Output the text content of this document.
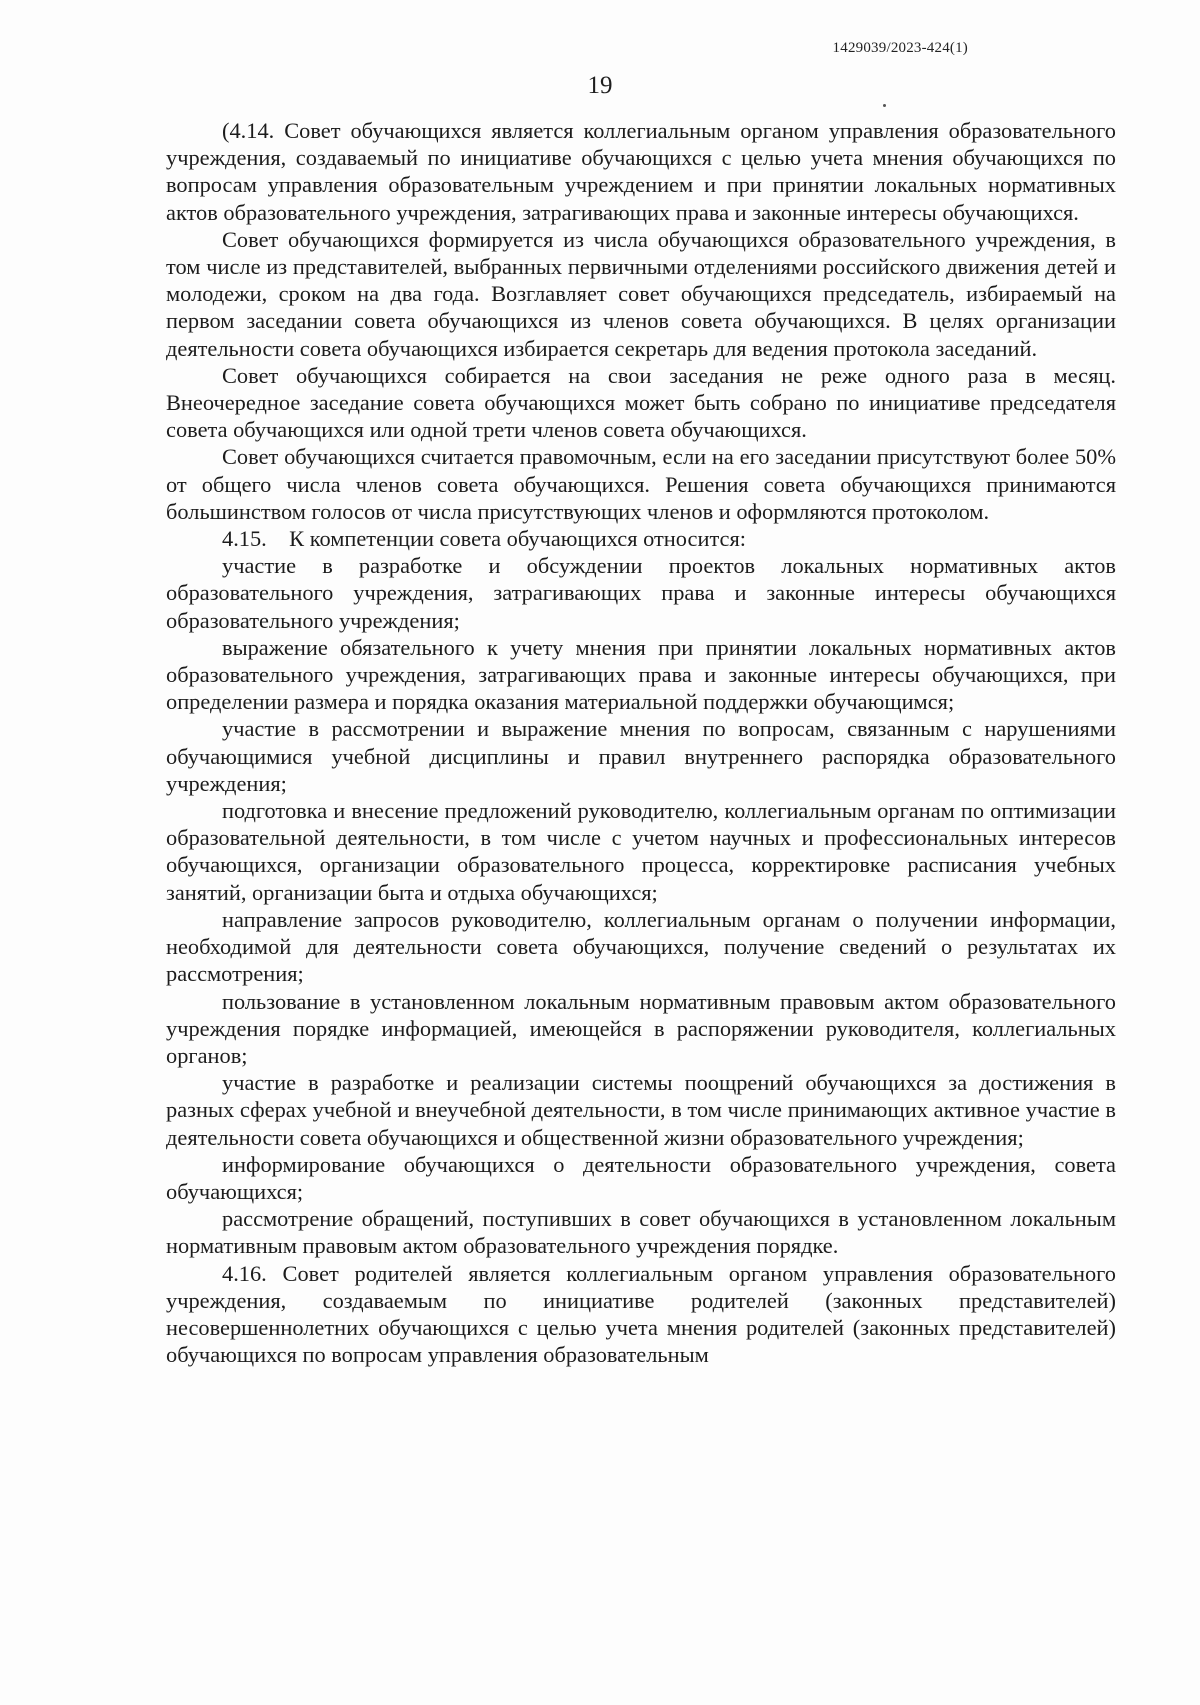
1429039/2023-424(1)
19

(4.14. Совет обучающихся является коллегиальным органом управления образовательного учреждения, создаваемый по инициативе обучающихся с целью учета мнения обучающихся по вопросам управления образовательным учреждением и при принятии локальных нормативных актов образовательного учреждения, затрагивающих права и законные интересы обучающихся.

Совет обучающихся формируется из числа обучающихся образовательного учреждения, в том числе из представителей, выбранных первичными отделениями российского движения детей и молодежи, сроком на два года. Возглавляет совет обучающихся председатель, избираемый на первом заседании совета обучающихся из членов совета обучающихся. В целях организации деятельности совета обучающихся избирается секретарь для ведения протокола заседаний.

Совет обучающихся собирается на свои заседания не реже одного раза в месяц. Внеочередное заседание совета обучающихся может быть собрано по инициативе председателя совета обучающихся или одной трети членов совета обучающихся.

Совет обучающихся считается правомочным, если на его заседании присутствуют более 50% от общего числа членов совета обучающихся. Решения совета обучающихся принимаются большинством голосов от числа присутствующих членов и оформляются протоколом.

4.15. К компетенции совета обучающихся относится:

участие в разработке и обсуждении проектов локальных нормативных актов образовательного учреждения, затрагивающих права и законные интересы обучающихся образовательного учреждения;

выражение обязательного к учету мнения при принятии локальных нормативных актов образовательного учреждения, затрагивающих права и законные интересы обучающихся, при определении размера и порядка оказания материальной поддержки обучающимся;

участие в рассмотрении и выражение мнения по вопросам, связанным с нарушениями обучающимися учебной дисциплины и правил внутреннего распорядка образовательного учреждения;

подготовка и внесение предложений руководителю, коллегиальным органам по оптимизации образовательной деятельности, в том числе с учетом научных и профессиональных интересов обучающихся, организации образовательного процесса, корректировке расписания учебных занятий, организации быта и отдыха обучающихся;

направление запросов руководителю, коллегиальным органам о получении информации, необходимой для деятельности совета обучающихся, получение сведений о результатах их рассмотрения;

пользование в установленном локальным нормативным правовым актом образовательного учреждения порядке информацией, имеющейся в распоряжении руководителя, коллегиальных органов;

участие в разработке и реализации системы поощрений обучающихся за достижения в разных сферах учебной и внеучебной деятельности, в том числе принимающих активное участие в деятельности совета обучающихся и общественной жизни образовательного учреждения;

информирование обучающихся о деятельности образовательного учреждения, совета обучающихся;

рассмотрение обращений, поступивших в совет обучающихся в установленном локальным нормативным правовым актом образовательного учреждения порядке.

4.16. Совет родителей является коллегиальным органом управления образовательного учреждения, создаваемым по инициативе родителей (законных представителей) несовершеннолетних обучающихся с целью учета мнения родителей (законных представителей) обучающихся по вопросам управления образовательным
